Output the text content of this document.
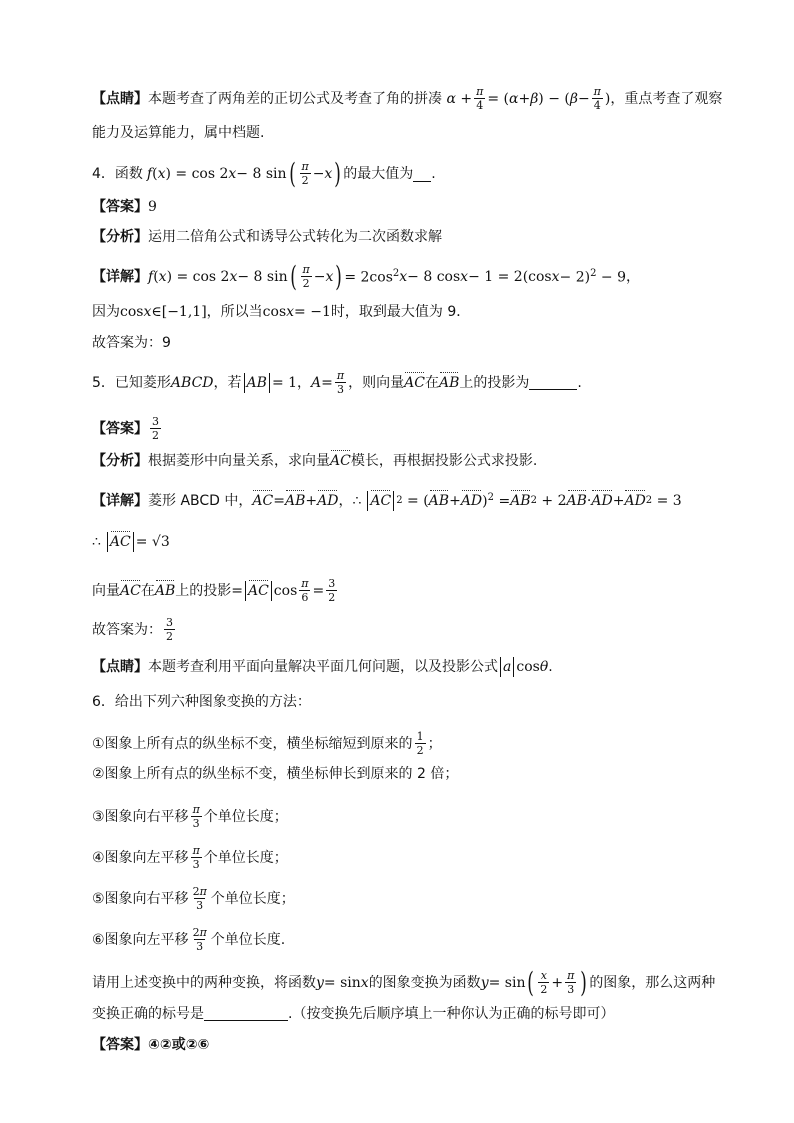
【点睛】 本题考查了两角差的正切公式及考查了角的拼凑 $\alpha + \frac{\pi}{4}$ = ( α + β ) − ( $\beta - \frac{\pi}{4}$ ) ，重点考查了观察
能力及运算能力，属中档题.
4．函数 f ( x ) = cos 2 x − 8 sin ( $\frac{\pi}{2} - x$ ) 的最大值为 .
【答案】 9
【分析】 运用二倍角公式和诱导公式转化为二次函数求解
【详解】 f ( x ) = cos 2 x − 8 sin ( $\frac{\pi}{2} - x$ ) = $2\cos^2$ x − 8 cos x − 1 = 2(cos x − 2)$^2$ − 9 ，
因为 cos x ∈[−1,1] ，所以当 cos x = −1 时，取到最大值为 9．
故答案为：9
5．已知菱形 ABCD ，若 AB = 1 ， $A = \frac{\pi}{3}$ ，则向量 AC 在 AB 上的投影为	.
【答案】 $\frac{3}{2}$
【分析】 根据菱形中向量关系，求向量 AC 模长，再根据投影公式求投影.
【详解】 菱形 ABCD 中， AC = AB + AD ， ∴ AC 2 = ( AB + AD )$^2$ = AB 2 + 2 AB · AD + AD 2 = 3
∴ AC = √3
向量 AC 在 AB 上的投影= AC $\cos \frac{\pi}{6} = \frac{3}{2}$
故答案为： $\frac{3}{2}$
【点睛】 本题考查利用平面向量解决平面几何问题，以及投影公式 a cos θ .
6．给出下列六种图象变换的方法：
①图象上所有点的纵坐标不变，横坐标缩短到原来的 $\frac{1}{2}$ ；
②图象上所有点的纵坐标不变，横坐标伸长到原来的 2 倍；
③图象向右平移 $\frac{\pi}{3}$ 个单位长度；
④图象向左平移 $\frac{\pi}{3}$ 个单位长度；
⑤图象向右平移 $\frac{2\pi}{3}$ 个单位长度；
⑥图象向左平移 $\frac{2\pi}{3}$ 个单位长度.
请用上述变换中的两种变换，将函数 y = sin x 的图象变换为函数 y = sin ( $\frac{x}{2} + \frac{\pi}{3}$ ) 的图象，那么这两种
变换正确的标号是	.（按变换先后顺序填上一种你认为正确的标号即可）
【答案】 ④②或②⑥
